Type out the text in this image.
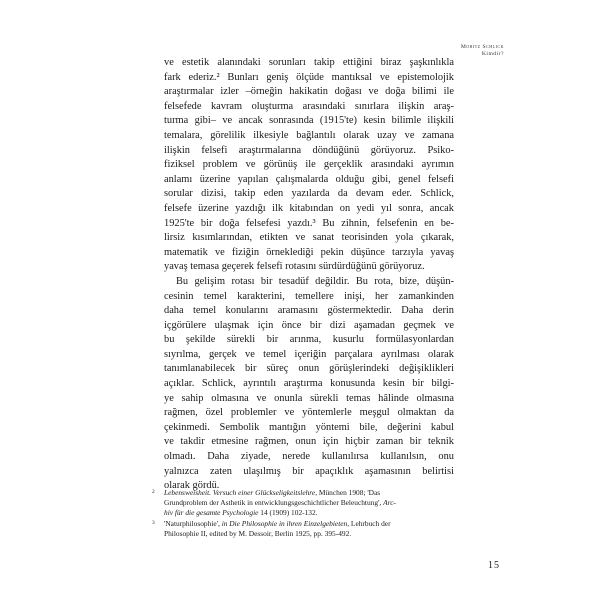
Moritz Schlick
Kimdir?
ve estetik alanındaki sorunları takip ettiğini biraz şaşkınlıkla
fark ederiz.² Bunları geniş ölçüde mantıksal ve epistemolojik
araştırmalar izler –örneğin hakikatin doğası ve doğa bilimi ile
felsefede kavram oluşturma arasındaki sınırlara ilişkin araş-
turma gibi– ve ancak sonrasında (1915'te) kesin bilimle ilişkili
temalara, görelilik ilkesiyle bağlantılı olarak uzay ve zamana
ilişkin felsefi araştırmalarına döndüğünü görüyoruz. Psiko-
fiziksel problem ve görünüş ile gerçeklik arasındaki ayrımın
anlamı üzerine yapılan çalışmalarda olduğu gibi, genel felsefi
sorular dizisi, takip eden yazılarda da devam eder. Schlick,
felsefe üzerine yazdığı ilk kitabından on yedi yıl sonra, ancak
1925'te bir doğa felsefesi yazdı.³ Bu zihnin, felsefenin en be-
lirsiz kısımlarından, etikten ve sanat teorisinden yola çıkarak,
matematik ve fiziğin örneklediği pekin düşünce tarzıyla yavaş
yavaş temasa geçerek felsefi rotasını sürdürdüğünü görüyoruz.
Bu gelişim rotası bir tesadüf değildir. Bu rota, bize, düşün-
cesinin temel karakterini, temellere inişi, her zamankinden
daha temel konularını aramasını göstermektedir. Daha derin
içgörülere ulaşmak için önce bir dizi aşamadan geçmek ve
bu şekilde sürekli bir arınma, kusurlu formülasyonlardan
sıyrılma, gerçek ve temel içeriğin parçalara ayrılması olarak
tanımlanabilecek bir süreç onun görüşlerindeki değişiklikleri
açıklar. Schlick, ayrıntılı araştırma konusunda kesin bir bilgi-
ye sahip olmasına ve onunla sürekli temas hâlinde olmasına
rağmen, özel problemler ve yöntemlerle meşgul olmaktan da
çekinmedi. Sembolik mantığın yöntemi bile, değerini kabul
ve takdir etmesine rağmen, onun için hiçbir zaman bir teknik
olmadı. Daha ziyade, nerede kullanılırsa kullanılsın, onu
yalnızca zaten ulaşılmış bir apaçıklık aşamasının belirtisi
olarak gördü.
2 Lebensweisheit. Versuch einer Glückseligkeitslehre, München 1908; 'Das
Grundproblem der Asthetik in entwicklungsgeschichtlicher Beleuchtung', Arc-
hiv für die gesamte Psychologie 14 (1909) 102-132.
3 'Naturphilosophie', in Die Philosophie in ihren Einzelgebieten, Lehrbuch der
Philosophie II, edited by M. Dessoir, Berlin 1925, pp. 395-492.
15
